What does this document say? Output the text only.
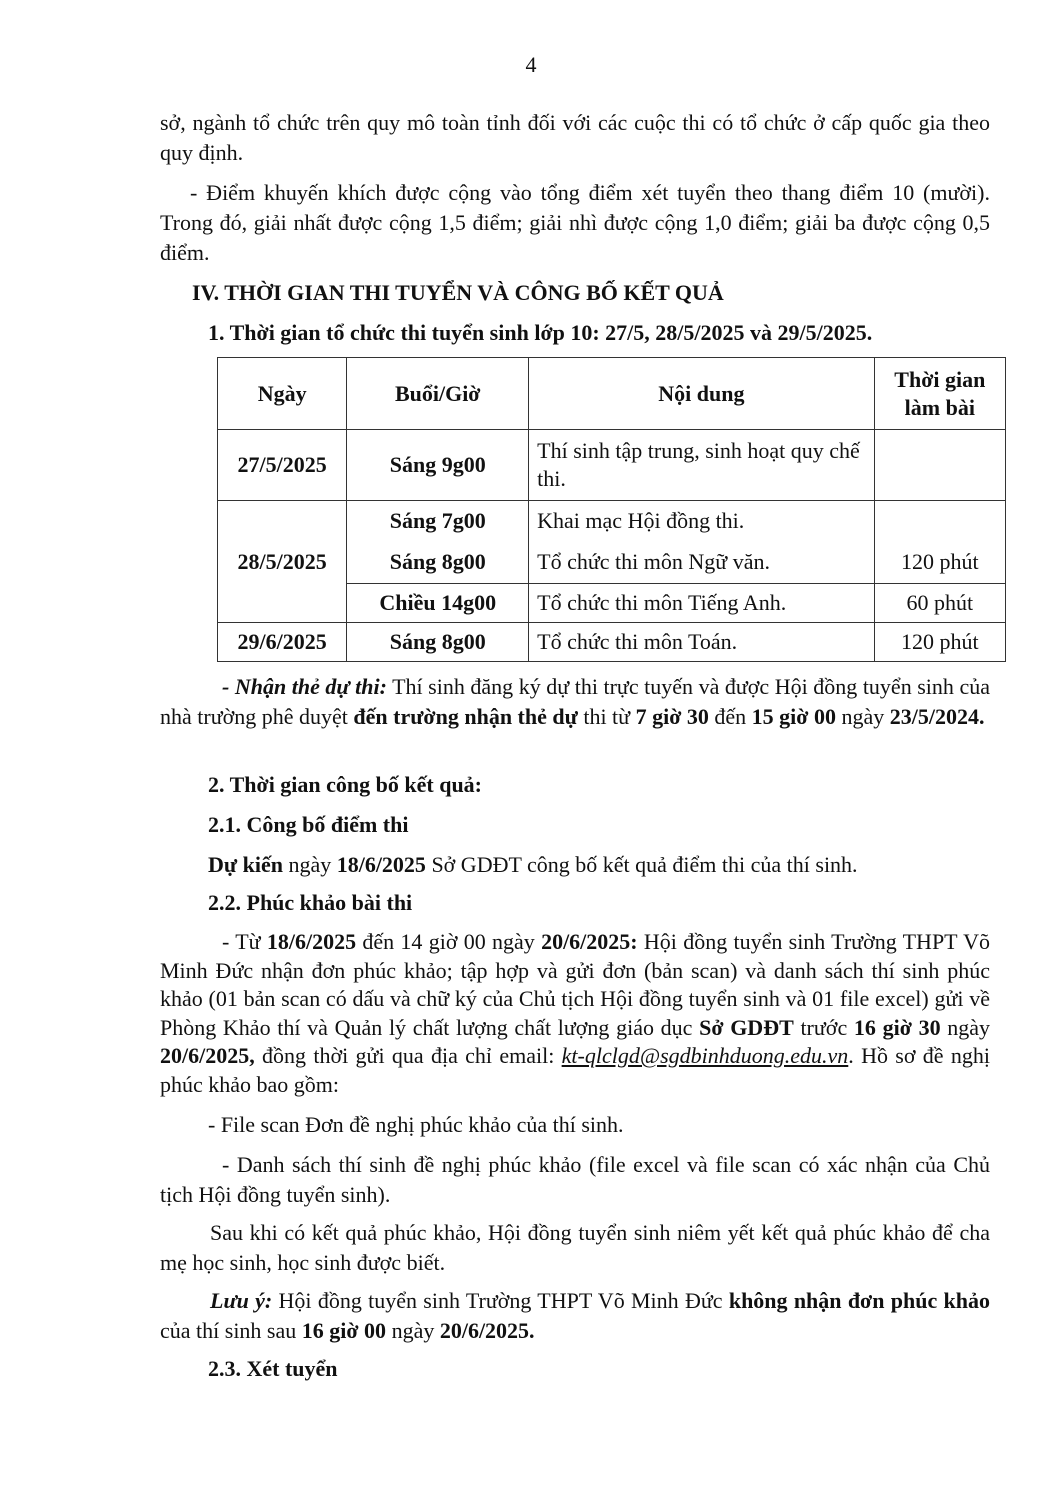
4

sở, ngành tổ chức trên quy mô toàn tỉnh đối với các cuộc thi có tổ chức ở cấp quốc gia theo quy định.

- Điểm khuyến khích được cộng vào tổng điểm xét tuyển theo thang điểm 10 (mười). Trong đó, giải nhất được cộng 1,5 điểm; giải nhì được cộng 1,0 điểm; giải ba được cộng 0,5 điểm.

IV. THỜI GIAN THI TUYỂN VÀ CÔNG BỐ KẾT QUẢ

1. Thời gian tổ chức thi tuyển sinh lớp 10: 27/5, 28/5/2025 và 29/5/2025.

Ngày	Buổi/Giờ	Nội dung	Thời gian làm bài
27/5/2025	Sáng 9g00	Thí sinh tập trung, sinh hoạt quy chế thi.	
28/5/2025	Sáng 7g00	Khai mạc Hội đồng thi.	
	Sáng 8g00	Tổ chức thi môn Ngữ văn.	120 phút
	Chiều 14g00	Tổ chức thi môn Tiếng Anh.	60 phút
29/6/2025	Sáng 8g00	Tổ chức thi môn Toán.	120 phút

- Nhận thẻ dự thi: Thí sinh đăng ký dự thi trực tuyến và được Hội đồng tuyển sinh của nhà trường phê duyệt đến trường nhận thẻ dự thi từ 7 giờ 30 đến 15 giờ 00 ngày 23/5/2024.

2. Thời gian công bố kết quả:

2.1. Công bố điểm thi

Dự kiến ngày 18/6/2025 Sở GDĐT công bố kết quả điểm thi của thí sinh.

2.2. Phúc khảo bài thi

- Từ 18/6/2025 đến 14 giờ 00 ngày 20/6/2025: Hội đồng tuyển sinh Trường THPT Võ Minh Đức nhận đơn phúc khảo; tập hợp và gửi đơn (bản scan) và danh sách thí sinh phúc khảo (01 bản scan có dấu và chữ ký của Chủ tịch Hội đồng tuyển sinh và 01 file excel) gửi về Phòng Khảo thí và Quản lý chất lượng chất lượng giáo dục Sở GDĐT trước 16 giờ 30 ngày 20/6/2025, đồng thời gửi qua địa chỉ email: kt-qlclgd@sgdbinhduong.edu.vn. Hồ sơ đề nghị phúc khảo bao gồm:

- File scan Đơn đề nghị phúc khảo của thí sinh.

- Danh sách thí sinh đề nghị phúc khảo (file excel và file scan có xác nhận của Chủ tịch Hội đồng tuyển sinh).

Sau khi có kết quả phúc khảo, Hội đồng tuyển sinh niêm yết kết quả phúc khảo để cha mẹ học sinh, học sinh được biết.

Lưu ý: Hội đồng tuyển sinh Trường THPT Võ Minh Đức không nhận đơn phúc khảo của thí sinh sau 16 giờ 00 ngày 20/6/2025.

2.3. Xét tuyển
